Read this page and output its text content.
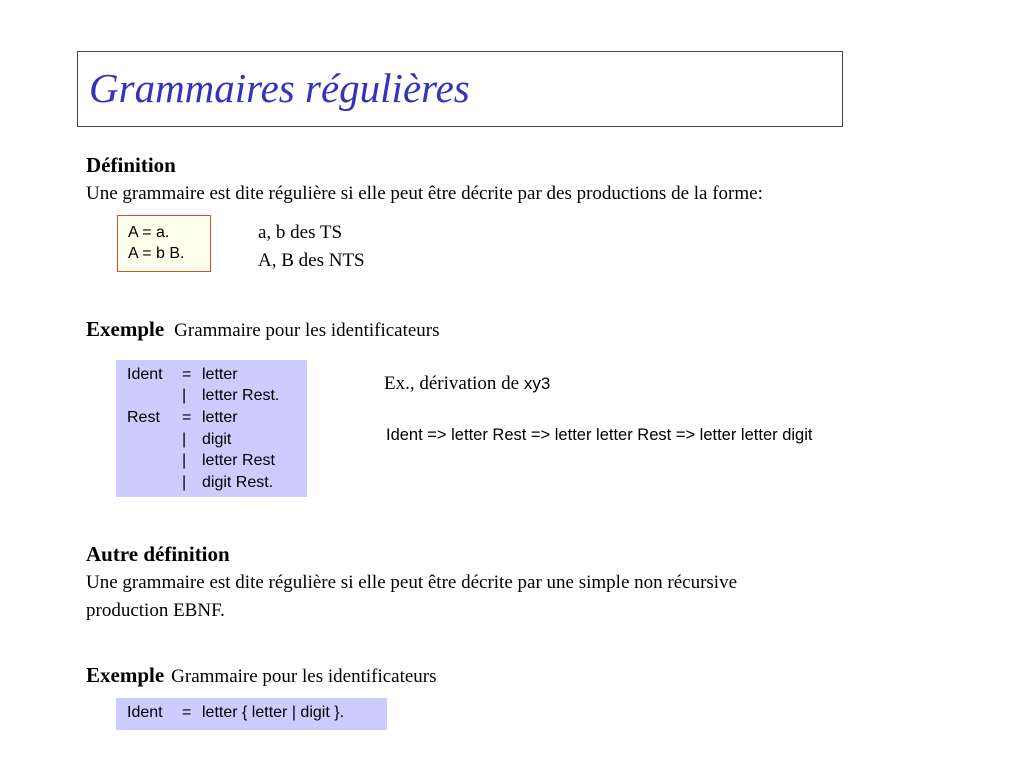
Grammaires régulières
Définition
Une grammaire est dite régulière si elle peut être décrite par des productions de la forme:
A = a.
A = b B.
a, b des TS
A, B des NTS
Exemple Grammaire pour les identificateurs
Ident	= letter
| letter Rest.
Rest	= letter
| digit
| letter Rest
| digit Rest.
Ex., dérivation de xy3
Ident => letter Rest => letter letter Rest => letter letter digit
Autre définition
Une grammaire est dite régulière si elle peut être décrite par une simple non récursive
production EBNF.
Exemple Grammaire pour les identificateurs
Ident	= letter { letter | digit }.
